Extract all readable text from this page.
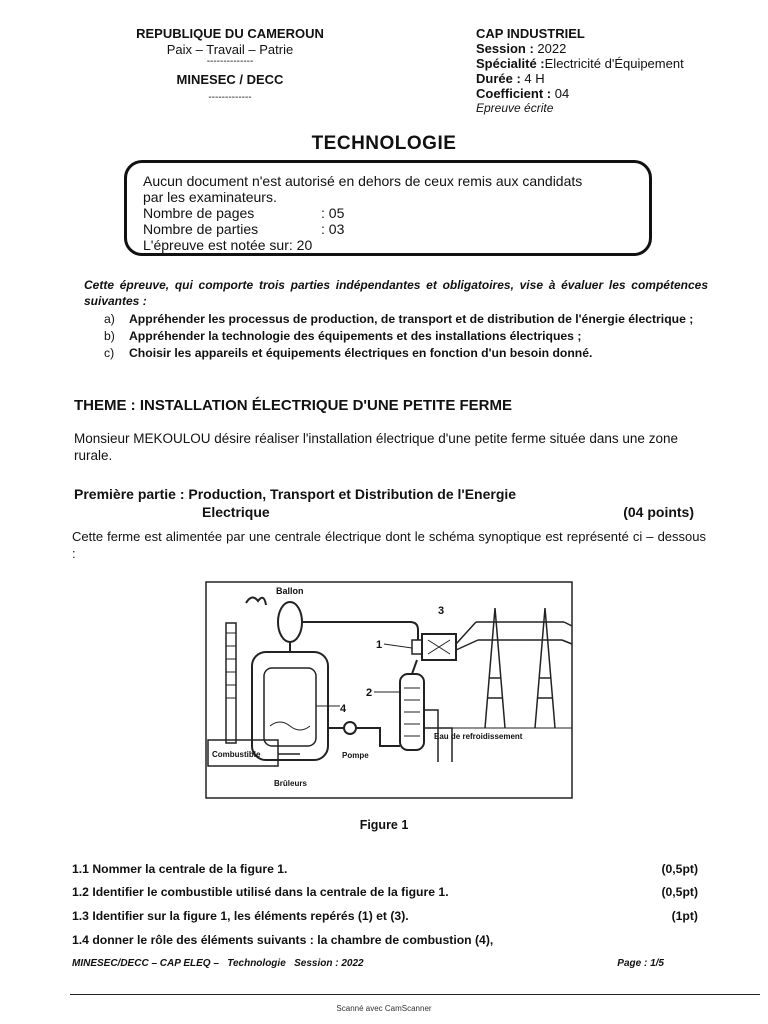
REPUBLIQUE DU CAMEROUN
Paix – Travail – Patrie
--------------
MINESEC / DECC
-------------
CAP INDUSTRIEL
Session : 2022
Spécialité :Electricité d'Équipement
Durée : 4 H
Coefficient : 04
Epreuve écrite
TECHNOLOGIE
Aucun document n'est autorisé en dehors de ceux remis aux candidats
par les examinateurs.
Nombre de pages	: 05
Nombre de parties	: 03
L'épreuve est notée sur: 20
Cette épreuve, qui comporte trois parties indépendantes et obligatoires, vise à évaluer les compétences suivantes :
a) Appréhender les processus de production, de transport et de distribution de l'énergie électrique ;
b) Appréhender la technologie des équipements et des installations électriques ;
c) Choisir les appareils et équipements électriques en fonction d'un besoin donné.
THEME : INSTALLATION ÉLECTRIQUE D'UNE PETITE FERME
Monsieur MEKOULOU désire réaliser l'installation électrique d'une petite ferme située dans une zone rurale.
Première partie : Production, Transport et Distribution de l'Energie
Electrique	(04 points)
Cette ferme est alimentée par une centrale électrique dont le schéma synoptique est représenté ci – dessous :
Ballon
3
1
2
4
Eau de refroidissement
Pompe
Combustible
Brûleurs
Figure 1
1.1 Nommer la centrale de la figure 1.	(0,5pt)
1.2 Identifier le combustible utilisé dans la centrale de la figure 1.	(0,5pt)
1.3 Identifier sur la figure 1, les éléments repérés (1) et (3).	(1pt)
1.4 donner le rôle des éléments suivants : la chambre de combustion (4),
MINESEC/DECC – CAP ELEQ – Technologie Session : 2022	Page : 1/5
Scanné avec CamScanner
